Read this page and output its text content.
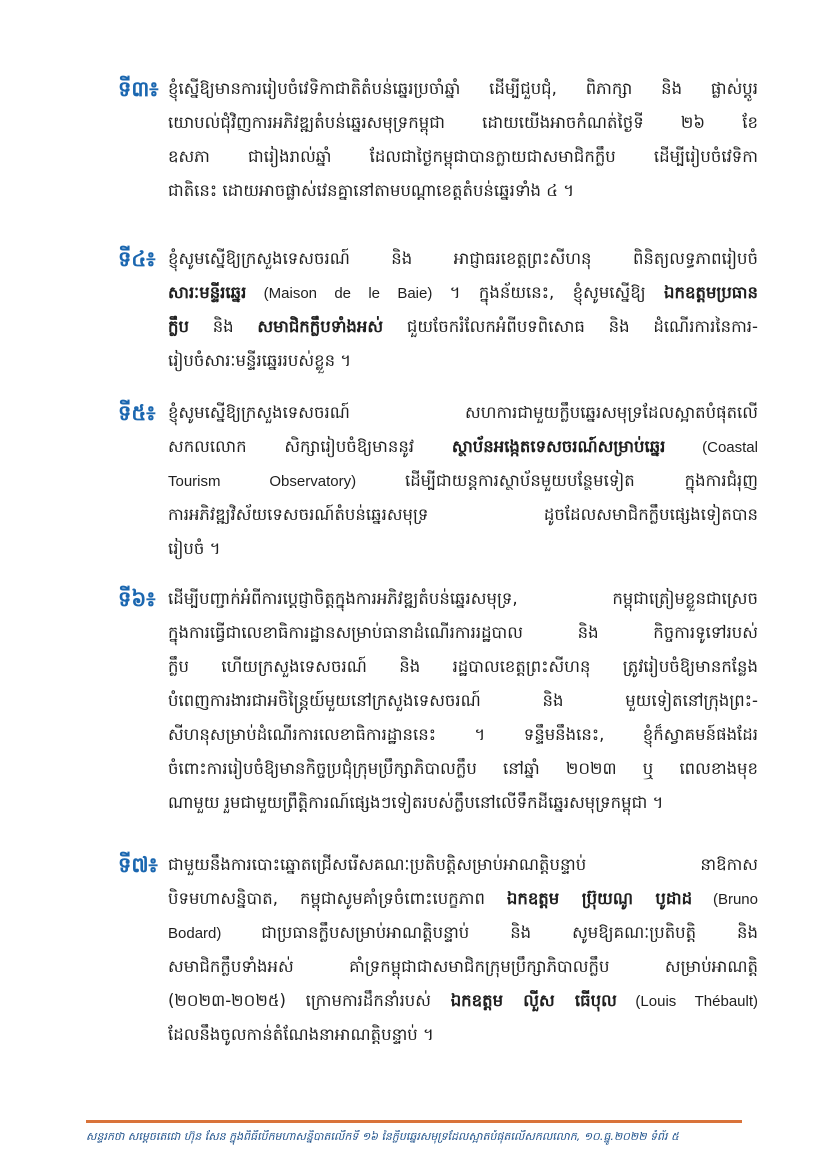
ទី៣៖ ខ្ញុំស្នើឱ្យមានការរៀបចំវេទិកាជាតិតំបន់ឆ្នេរប្រចាំឆ្នាំ ដើម្បីជួបជុំ, ពិភាក្សា និង ផ្លាស់ប្តូរ
យោបល់ជុំវិញការអភិវឌ្ឍតំបន់ឆ្នេរសមុទ្រកម្ពុជា ដោយយើងអាចកំណត់ថ្ងៃទី ២៦ ខែ
ឧសភា ជារៀងរាល់ឆ្នាំ ដែលជាថ្ងៃកម្ពុជាបានក្លាយជាសមាជិកក្លឹប ដើម្បីរៀបចំវេទិកា
ជាតិនេះ ដោយអាចផ្លាស់វេនគ្នានៅតាមបណ្តាខេត្តតំបន់ឆ្នេរទាំង ៤ ។
ទី៤៖ ខ្ញុំសូមស្នើឱ្យក្រសួងទេសចរណ៍ និង អាជ្ញាធរខេត្តព្រះសីហនុ ពិនិត្យលទ្ធភាពរៀបចំ
សារៈមន្ទីរឆ្នេរ (Maison de le Baie) ។ ក្នុងន័យនេះ, ខ្ញុំសូមស្នើឱ្យ ឯកឧត្តមប្រធាន
ក្លឹប និង សមាជិកក្លឹបទាំងអស់ ជួយចែករំលែកអំពីបទពិសោធ និង ដំណើរការនៃការ-
រៀបចំសារៈមន្ទីរឆ្នេររបស់ខ្លួន ។
ទី៥៖ ខ្ញុំសូមស្នើឱ្យក្រសួងទេសចរណ៍ សហការជាមួយក្លឹបឆ្នេរសមុទ្រដែលស្អាតបំផុតលើ
សកលលោក សិក្សារៀបចំឱ្យមាននូវ ស្ថាប័នអង្កេតទេសចរណ៍សម្រាប់ឆ្នេរ (Coastal
Tourism Observatory) ដើម្បីជាយន្តការស្ថាប័នមួយបន្ថែមទៀត ក្នុងការជំរុញ
ការអភិវឌ្ឍវិស័យទេសចរណ៍តំបន់ឆ្នេរសមុទ្រ ដូចដែលសមាជិកក្លឹបផ្សេងទៀតបាន
រៀបចំ ។
ទី៦៖ ដើម្បីបញ្ជាក់អំពីការប្តេជ្ញាចិត្តក្នុងការអភិវឌ្ឍតំបន់ឆ្នេរសមុទ្រ, កម្ពុជាត្រៀមខ្លួនជាស្រេច
ក្នុងការធ្វើជាលេខាធិការដ្ឋានសម្រាប់ធានាដំណើរការរដ្ឋបាល និង កិច្ចការទូទៅរបស់
ក្លឹប ហើយក្រសួងទេសចរណ៍ និង រដ្ឋបាលខេត្តព្រះសីហនុ ត្រូវរៀបចំឱ្យមានកន្លែង
បំពេញការងារជាអចិន្ត្រៃយ៍មួយនៅក្រសួងទេសចរណ៍ និង មួយទៀតនៅក្រុងព្រះ-
សីហនុសម្រាប់ដំណើរការលេខាធិការដ្ឋាននេះ ។ ទន្ទឹមនឹងនេះ, ខ្ញុំក៏ស្វាគមន៍ផងដែរ
ចំពោះការរៀបចំឱ្យមានកិច្ចប្រជុំក្រុមប្រឹក្សាភិបាលក្លឹប នៅឆ្នាំ ២០២៣ ឬ ពេលខាងមុខ
ណាមួយ រួមជាមួយព្រឹត្តិការណ៍ផ្សេងៗទៀតរបស់ក្លឹបនៅលើទឹកដីឆ្នេរសមុទ្រកម្ពុជា ។
ទី៧៖ ជាមួយនឹងការបោះឆ្នោតជ្រើសរើសគណៈប្រតិបត្តិសម្រាប់អាណត្តិបន្ទាប់ នាឱកាស
បិទមហាសន្និបាត, កម្ពុជាសូមគាំទ្រចំពោះបេក្ខភាព ឯកឧត្តម ប្រ៊ុយណូ បូដាដ (Bruno
Bodard) ជាប្រធានក្លឹបសម្រាប់អាណត្តិបន្ទាប់ និង សូមឱ្យគណៈប្រតិបត្តិ និង
សមាជិកក្លឹបទាំងអស់ គាំទ្រកម្ពុជាជាសមាជិកក្រុមប្រឹក្សាភិបាលក្លឹប សម្រាប់អាណត្តិ
(២០២៣-២០២៥) ក្រោមការដឹកនាំរបស់ ឯកឧត្តម លួីស ធើបុល (Louis Thébault)
ដែលនឹងចូលកាន់តំណែងនាអាណត្តិបន្ទាប់ ។
សន្ទរកថា សម្តេចតេជោ ហ៊ុន សែន ក្នុងពិធីបើកមហាសន្និបាតលើកទី ១៦ នៃក្លឹបឆ្នេរសមុទ្រដែលស្អាតបំផុតលើសកលលោក, ១០.ធ្នូ.២០២២ ទំព័រ ៥
